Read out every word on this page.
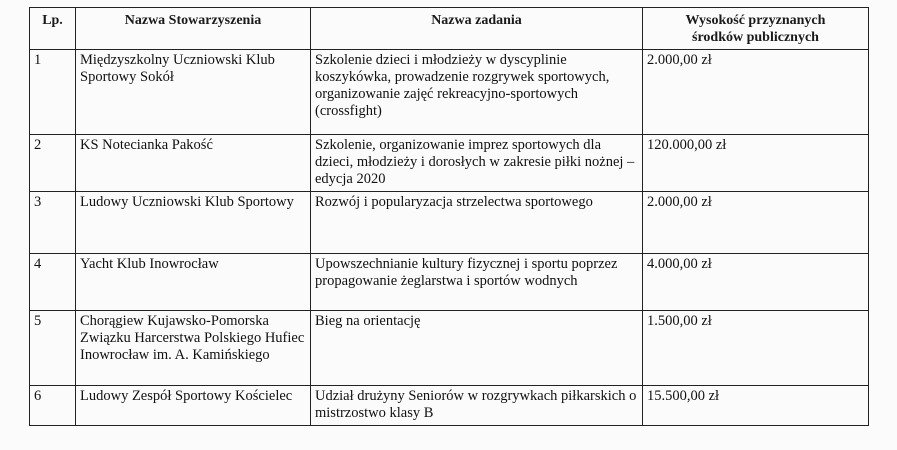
Lp.	Nazwa Stowarzyszenia	Nazwa zadania	Wysokość przyznanych
środków publicznych

1	Międzyszkolny Uczniowski Klub Sportowy Sokół	Szkolenie dzieci i młodzieży w dyscyplinie koszykówka, prowadzenie rozgrywek sportowych, organizowanie zajęć rekreacyjno-sportowych (crossfight)	2.000,00 zł
2	KS Notecianka Pakość	Szkolenie, organizowanie imprez sportowych dla dzieci, młodzieży i dorosłych w zakresie piłki nożnej – edycja 2020	120.000,00 zł
3	Ludowy Uczniowski Klub Sportowy	Rozwój i popularyzacja strzelectwa sportowego	2.000,00 zł
4	Yacht Klub Inowrocław	Upowszechnianie kultury fizycznej i sportu poprzez propagowanie żeglarstwa i sportów wodnych	4.000,00 zł
5	Chorągiew Kujawsko-Pomorska Związku Harcerstwa Polskiego Hufiec Inowrocław im. A. Kamińskiego	Bieg na orientację	1.500,00 zł
6	Ludowy Zespół Sportowy Kościelec	Udział drużyny Seniorów w rozgrywkach piłkarskich o mistrzostwo klasy B	15.500,00 zł
